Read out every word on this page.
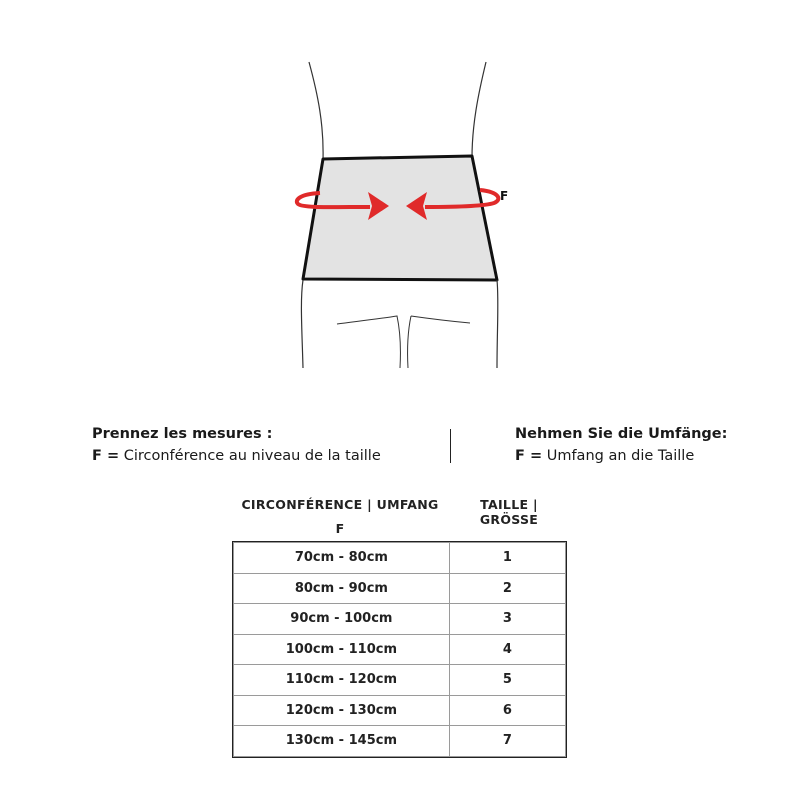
F
Prennez les mesures :
F = Circonférence au niveau de la taille
Nehmen Sie die Umfänge:
F = Umfang an die Taille
CIRCONFÉRENCE | UMFANG
F
TAILLE | GRÖSSE
70cm - 80cm	1
80cm - 90cm	2
90cm - 100cm	3
100cm - 110cm	4
110cm - 120cm	5
120cm - 130cm	6
130cm - 145cm	7
